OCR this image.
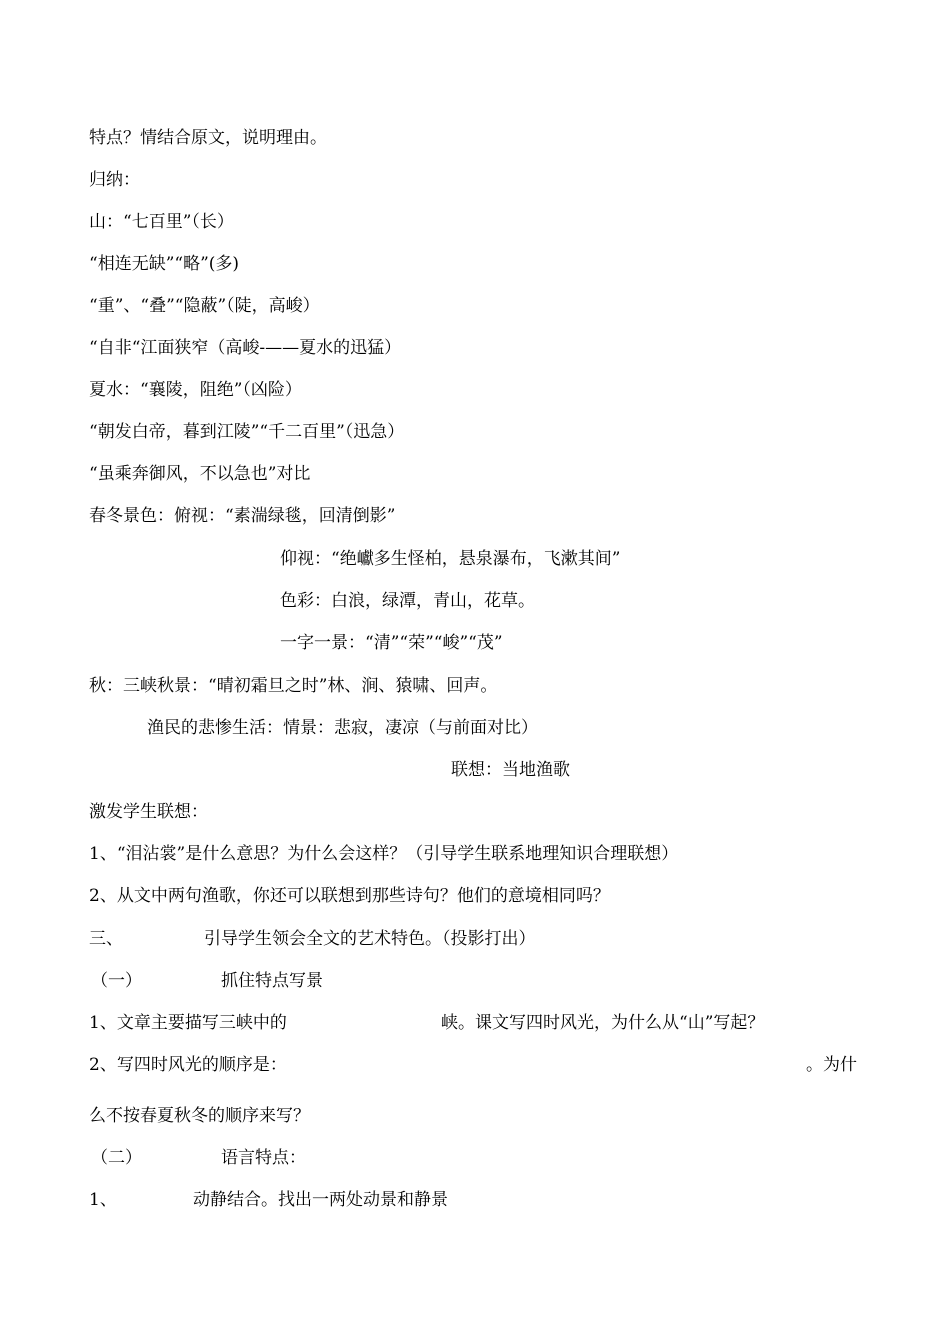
特点？情结合原文，说明理由。
归纳：
山：“七百里”（长）
“相连无缺”“略”(多)
“重”、“叠”“隐蔽”（陡，高峻）
“自非“江面狭窄（高峻-——夏水的迅猛）
夏水：“襄陵，阻绝”（凶险）
“朝发白帝，暮到江陵”“千二百里”（迅急）
“虽乘奔御风，不以急也”对比
春冬景色：俯视：“素湍绿毯，回清倒影”
仰视：“绝巘多生怪柏，悬泉瀑布，飞漱其间”
色彩：白浪，绿潭，青山，花草。
一字一景：“清”“荣”“峻”“茂”
秋：三峡秋景：“晴初霜旦之时”林、涧、猿啸、回声。
渔民的悲惨生活：情景：悲寂，凄凉（与前面对比）
联想：当地渔歌
激发学生联想：
1、“泪沾裳”是什么意思？为什么会这样？（引导学生联系地理知识合理联想）
2、从文中两句渔歌，你还可以联想到那些诗句？他们的意境相同吗？
三、	引导学生领会全文的艺术特色。（投影打出）
（一）	抓住特点写景
1、文章主要描写三峡中的	峡。课文写四时风光，为什么从“山”写起？
2、写四时风光的顺序是：	。为什
么不按春夏秋冬的顺序来写？
（二）	语言特点：
1、	动静结合。找出一两处动景和静景
